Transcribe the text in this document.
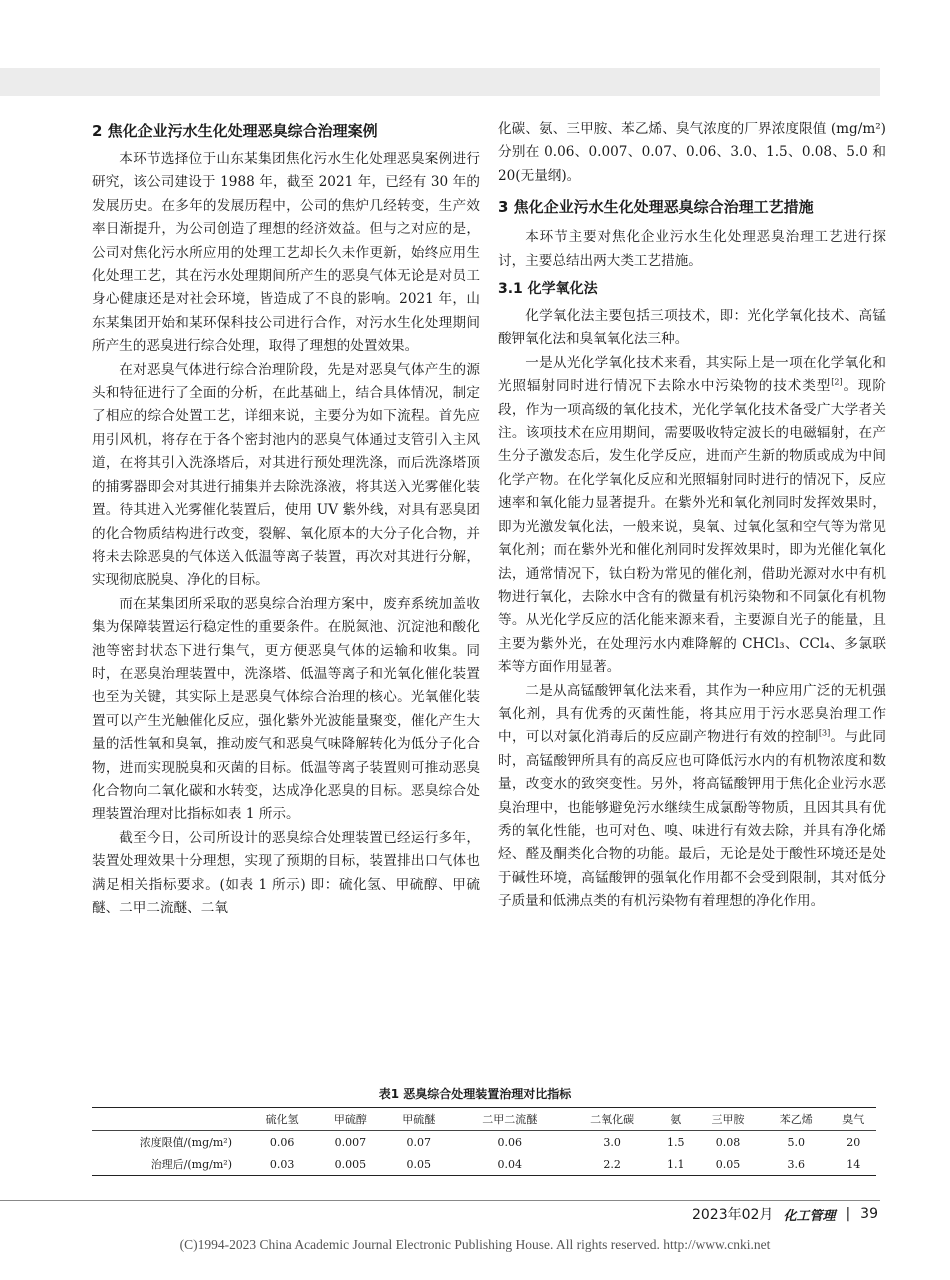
2 焦化企业污水生化处理恶臭综合治理案例

本环节选择位于山东某集团焦化污水生化处理恶臭案例进行研究，该公司建设于 1988 年，截至 2021 年，已经有 30 年的发展历史。在多年的发展历程中，公司的焦炉几经转变，生产效率日渐提升，为公司创造了理想的经济效益。但与之对应的是，公司对焦化污水所应用的处理工艺却长久未作更新，始终应用生化处理工艺，其在污水处理期间所产生的恶臭气体无论是对员工身心健康还是对社会环境，皆造成了不良的影响。2021 年，山东某集团开始和某环保科技公司进行合作，对污水生化处理期间所产生的恶臭进行综合处理，取得了理想的处置效果。

在对恶臭气体进行综合治理阶段，先是对恶臭气体产生的源头和特征进行了全面的分析，在此基础上，结合具体情况，制定了相应的综合处置工艺，详细来说，主要分为如下流程。首先应用引风机，将存在于各个密封池内的恶臭气体通过支管引入主风道，在将其引入洗涤塔后，对其进行预处理洗涤，而后洗涤塔顶的捕雾器即会对其进行捕集并去除洗涤液，将其送入光雾催化装置。待其进入光雾催化装置后，使用 UV 紫外线，对具有恶臭团的化合物质结构进行改变，裂解、氧化原本的大分子化合物，并将未去除恶臭的气体送入低温等离子装置，再次对其进行分解，实现彻底脱臭、净化的目标。

而在某集团所采取的恶臭综合治理方案中，废弃系统加盖收集为保障装置运行稳定性的重要条件。在脱氮池、沉淀池和酸化池等密封状态下进行集气，更方便恶臭气体的运输和收集。同时，在恶臭治理装置中，洗涤塔、低温等离子和光氧化催化装置也至为关键，其实际上是恶臭气体综合治理的核心。光氧催化装置可以产生光触催化反应，强化紫外光波能量聚变，催化产生大量的活性氧和臭氧，推动废气和恶臭气味降解转化为低分子化合物，进而实现脱臭和灭菌的目标。低温等离子装置则可推动恶臭化合物向二氧化碳和水转变，达成净化恶臭的目标。恶臭综合处理装置治理对比指标如表 1 所示。

截至今日，公司所设计的恶臭综合处理装置已经运行多年，装置处理效果十分理想，实现了预期的目标，装置排出口气体也满足相关指标要求。(如表 1 所示) 即：硫化氢、甲硫醇、甲硫醚、二甲二流醚、二氧

化碳、氨、三甲胺、苯乙烯、臭气浓度的厂界浓度限值 (mg/m²) 分别在 0.06、0.007、0.07、0.06、3.0、1.5、0.08、5.0 和 20(无量纲)。

3 焦化企业污水生化处理恶臭综合治理工艺措施

本环节主要对焦化企业污水生化处理恶臭治理工艺进行探讨，主要总结出两大类工艺措施。

3.1 化学氧化法

化学氧化法主要包括三项技术，即：光化学氧化技术、高锰酸钾氧化法和臭氧氧化法三种。

一是从光化学氧化技术来看，其实际上是一项在化学氧化和光照辐射同时进行情况下去除水中污染物的技术类型[2]。现阶段，作为一项高级的氧化技术，光化学氧化技术备受广大学者关注。该项技术在应用期间，需要吸收特定波长的电磁辐射，在产生分子激发态后，发生化学反应，进而产生新的物质或成为中间化学产物。在化学氧化反应和光照辐射同时进行的情况下，反应速率和氧化能力显著提升。在紫外光和氧化剂同时发挥效果时，即为光激发氧化法，一般来说，臭氧、过氧化氢和空气等为常见氧化剂；而在紫外光和催化剂同时发挥效果时，即为光催化氧化法，通常情况下，钛白粉为常见的催化剂，借助光源对水中有机物进行氧化，去除水中含有的微量有机污染物和不同氯化有机物等。从光化学反应的活化能来源来看，主要源自光子的能量，且主要为紫外光，在处理污水内难降解的 CHCl₃、CCl₄、多氯联苯等方面作用显著。

二是从高锰酸钾氧化法来看，其作为一种应用广泛的无机强氧化剂，具有优秀的灭菌性能，将其应用于污水恶臭治理工作中，可以对氯化消毒后的反应副产物进行有效的控制[3]。与此同时，高锰酸钾所具有的高反应也可降低污水内的有机物浓度和数量，改变水的致突变性。另外，将高锰酸钾用于焦化企业污水恶臭治理中，也能够避免污水继续生成氯酚等物质，且因其具有优秀的氧化性能，也可对色、嗅、味进行有效去除，并具有净化烯烃、醛及酮类化合物的功能。最后，无论是处于酸性环境还是处于碱性环境，高锰酸钾的强氧化作用都不会受到限制，其对低分子质量和低沸点类的有机污染物有着理想的净化作用。

表1 恶臭综合处理装置治理对比指标
	硫化氢	甲硫醇	甲硫醚	二甲二流醚	二氧化碳	氨	三甲胺	苯乙烯	臭气
浓度限值/(mg/m²)	0.06	0.007	0.07	0.06	3.0	1.5	0.08	5.0	20
治理后/(mg/m²)	0.03	0.005	0.05	0.04	2.2	1.1	0.05	3.6	14
2023年02月 化工管理 | 39
(C)1994-2023 China Academic Journal Electronic Publishing House. All rights reserved. http://www.cnki.net
